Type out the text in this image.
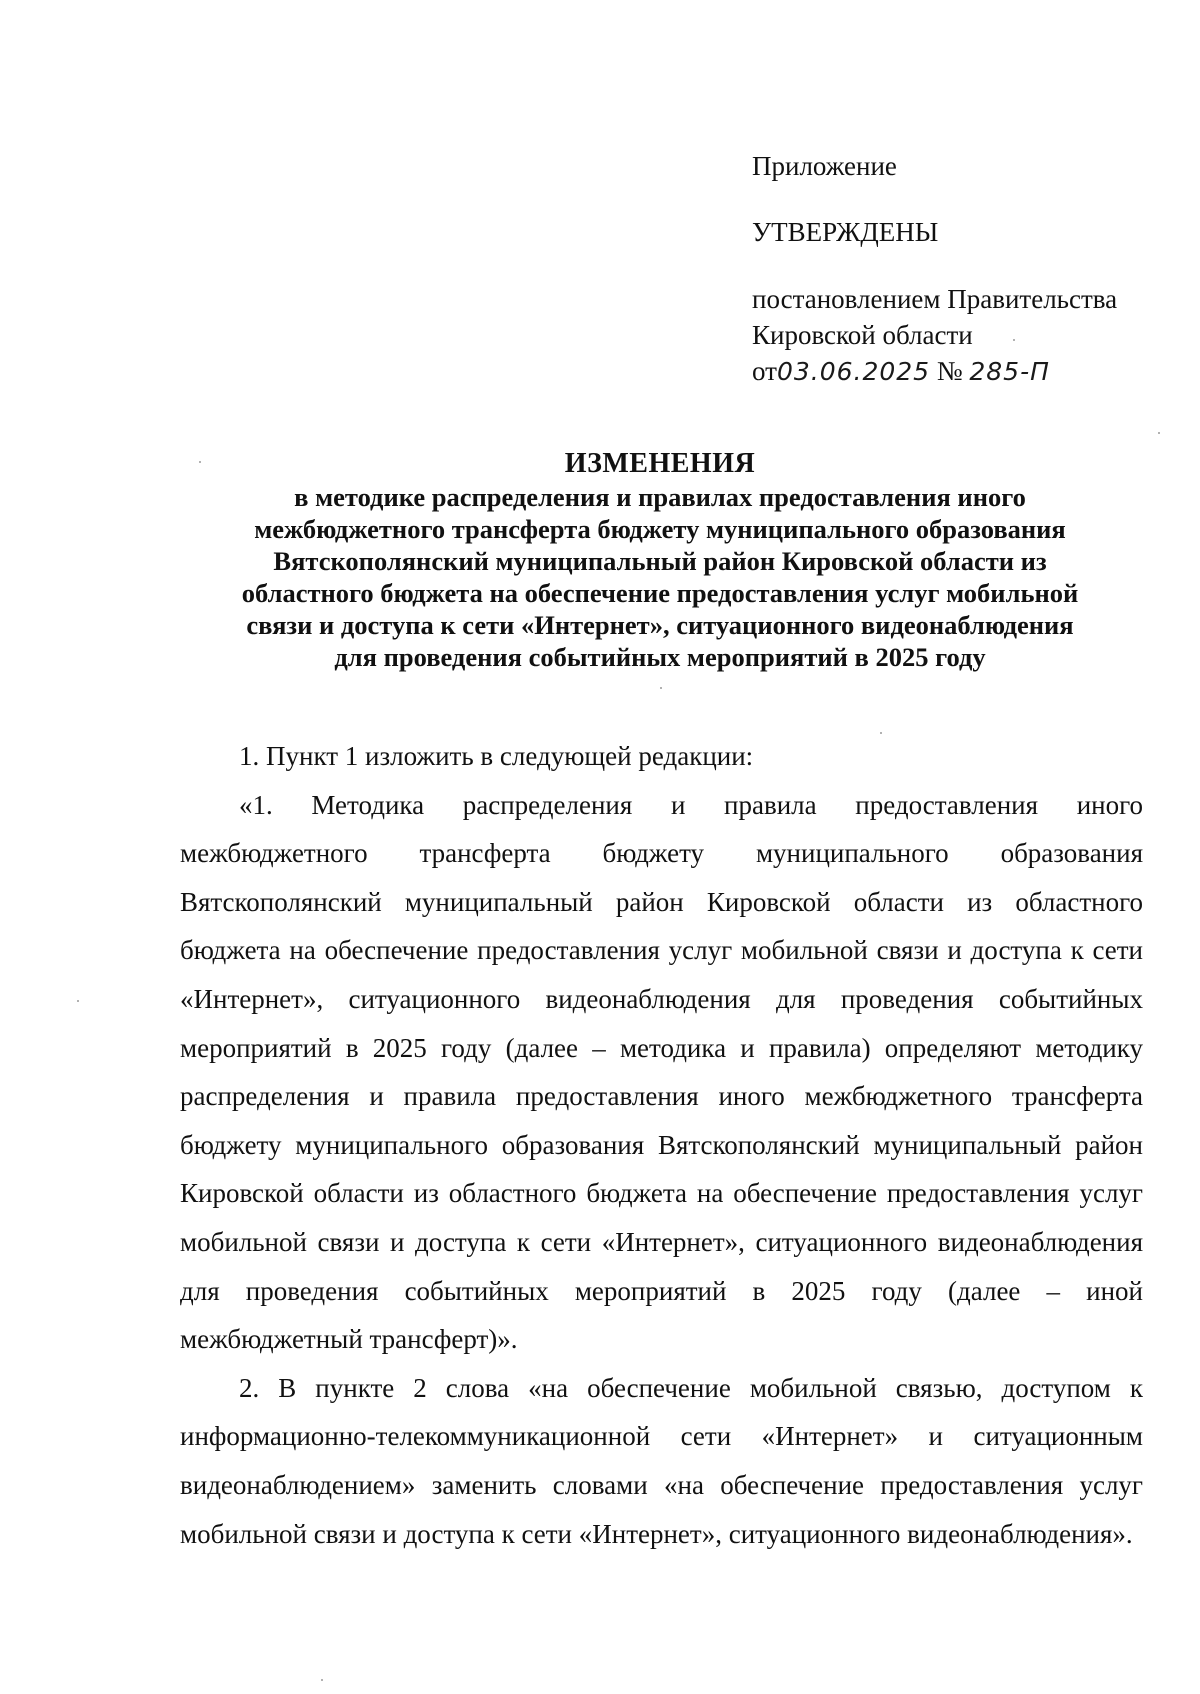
Приложение
УТВЕРЖДЕНЫ
постановлением Правительства
Кировской области
от03.06.2025 № 285-П
ИЗМЕНЕНИЯ
в методике распределения и правилах предоставления иного
межбюджетного трансферта бюджету муниципального образования
Вятскополянский муниципальный район Кировской области из
областного бюджета на обеспечение предоставления услуг мобильной
связи и доступа к сети «Интернет», ситуационного видеонаблюдения
для проведения событийных мероприятий в 2025 году

1. Пункт 1 изложить в следующей редакции:

«1. Методика распределения и правила предоставления иного межбюджетного трансферта бюджету муниципального образования Вятскополянский муниципальный район Кировской области из областного бюджета на обеспечение предоставления услуг мобильной связи и доступа к сети «Интернет», ситуационного видеонаблюдения для проведения событийных мероприятий в 2025 году (далее – методика и правила) определяют методику распределения и правила предоставления иного межбюджетного трансферта бюджету муниципального образования Вятскополянский муниципальный район Кировской области из областного бюджета на обеспечение предоставления услуг мобильной связи и доступа к сети «Интернет», ситуационного видеонаблюдения для проведения событийных мероприятий в 2025 году (далее – иной межбюджетный трансферт)».

2. В пункте 2 слова «на обеспечение мобильной связью, доступом к информационно-телекоммуникационной сети «Интернет» и ситуационным видеонаблюдением» заменить словами «на обеспечение предоставления услуг мобильной связи и доступа к сети «Интернет», ситуационного видеонаблюдения».
